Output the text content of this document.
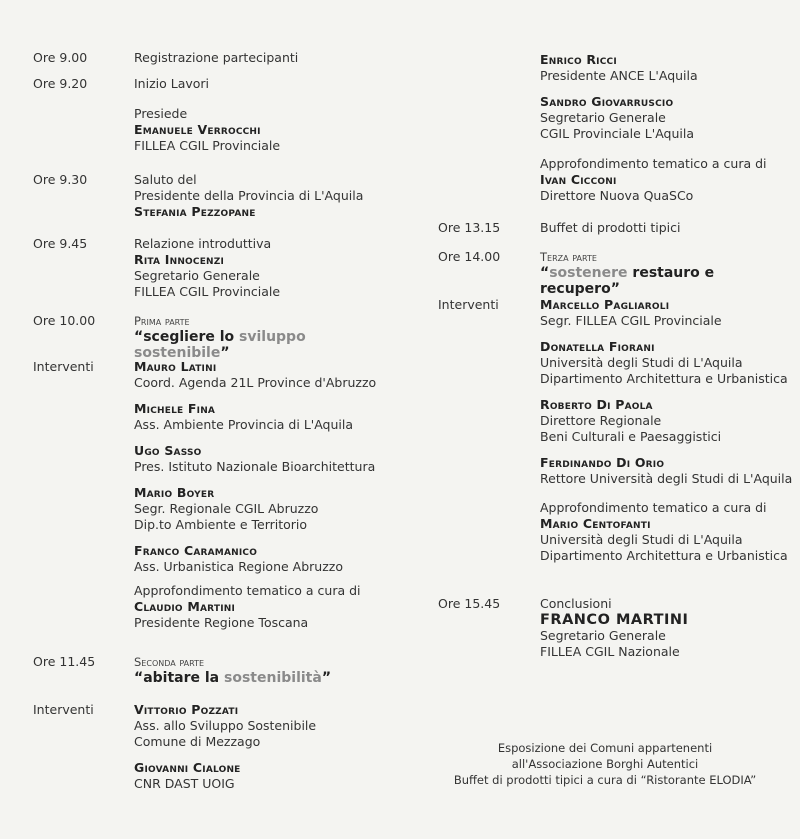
Ore 9.00	Registrazione partecipanti
Ore 9.20	Inizio Lavori
Presiede
Emanuele Verrocchi
FILLEA CGIL Provinciale
Ore 9.30	Saluto del
Presidente della Provincia di L'Aquila
Stefania Pezzopane
Ore 9.45	Relazione introduttiva
Rita Innocenzi
Segretario Generale
FILLEA CGIL Provinciale
Ore 10.00	Prima parte
“scegliere lo sviluppo sostenibile”
Interventi	Mauro Latini
Coord. Agenda 21L Province d'Abruzzo
Michele Fina
Ass. Ambiente Provincia di L'Aquila
Ugo Sasso
Pres. Istituto Nazionale Bioarchitettura
Mario Boyer
Segr. Regionale CGIL Abruzzo
Dip.to Ambiente e Territorio
Franco Caramanico
Ass. Urbanistica Regione Abruzzo
Approfondimento tematico a cura di
Claudio Martini
Presidente Regione Toscana
Ore 11.45	Seconda parte
“abitare la sostenibilità”
Interventi	Vittorio Pozzati
Ass. allo Sviluppo Sostenibile
Comune di Mezzago
Giovanni Cialone
CNR DAST UOIG
Enrico Ricci
Presidente ANCE L'Aquila
Sandro Giovarruscio
Segretario Generale
CGIL Provinciale L'Aquila
Approfondimento tematico a cura di
Ivan Cicconi
Direttore Nuova QuaSCo
Ore 13.15	Buffet di prodotti tipici
Ore 14.00	Terza parte
“sostenere restauro e recupero”
Interventi	Marcello Pagliaroli
Segr. FILLEA CGIL Provinciale
Donatella Fiorani
Università degli Studi di L'Aquila
Dipartimento Architettura e Urbanistica
Roberto Di Paola
Direttore Regionale
Beni Culturali e Paesaggistici
Ferdinando Di Orio
Rettore Università degli Studi di L'Aquila
Approfondimento tematico a cura di
Mario Centofanti
Università degli Studi di L'Aquila
Dipartimento Architettura e Urbanistica
Ore 15.45	Conclusioni
FRANCO MARTINI
Segretario Generale
FILLEA CGIL Nazionale
Esposizione dei Comuni appartenenti
all'Associazione Borghi Autentici
Buffet di prodotti tipici a cura di “Ristorante ELODIA”
